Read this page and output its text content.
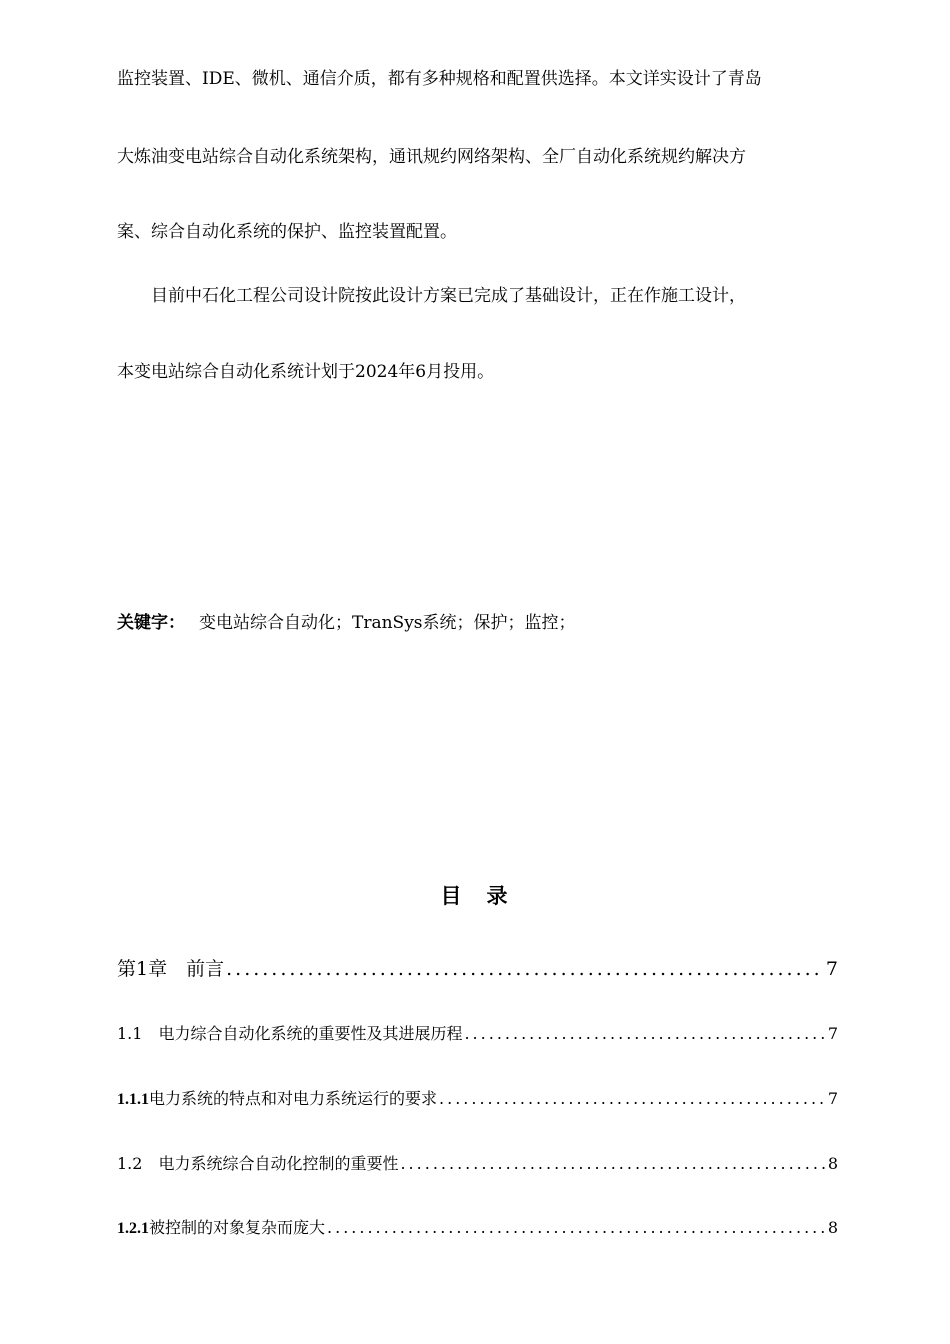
监控装置、IDE、微机、通信介质，都有多种规格和配置供选择。本文详实设计了青岛
大炼油变电站综合自动化系统架构，通讯规约网络架构、全厂自动化系统规约解决方
案、综合自动化系统的保护、监控装置配置。
　　目前中石化工程公司设计院按此设计方案已完成了基础设计，正在作施工设计，
本变电站综合自动化系统计划于2024年6月投用。
关键字： 变电站综合自动化；TranSys系统；保护；监控；
目　录
第1章　 前言 .....	7
1.1　 电力综合自动化系统的重要性及其进展历程 .....	7
1.1.1 电力系统的特点和对电力系统运行的要求 .....	7
1.2　 电力系统综合自动化控制的重要性 .....	8
1.2.1 被控制的对象复杂而庞大 .....	8
